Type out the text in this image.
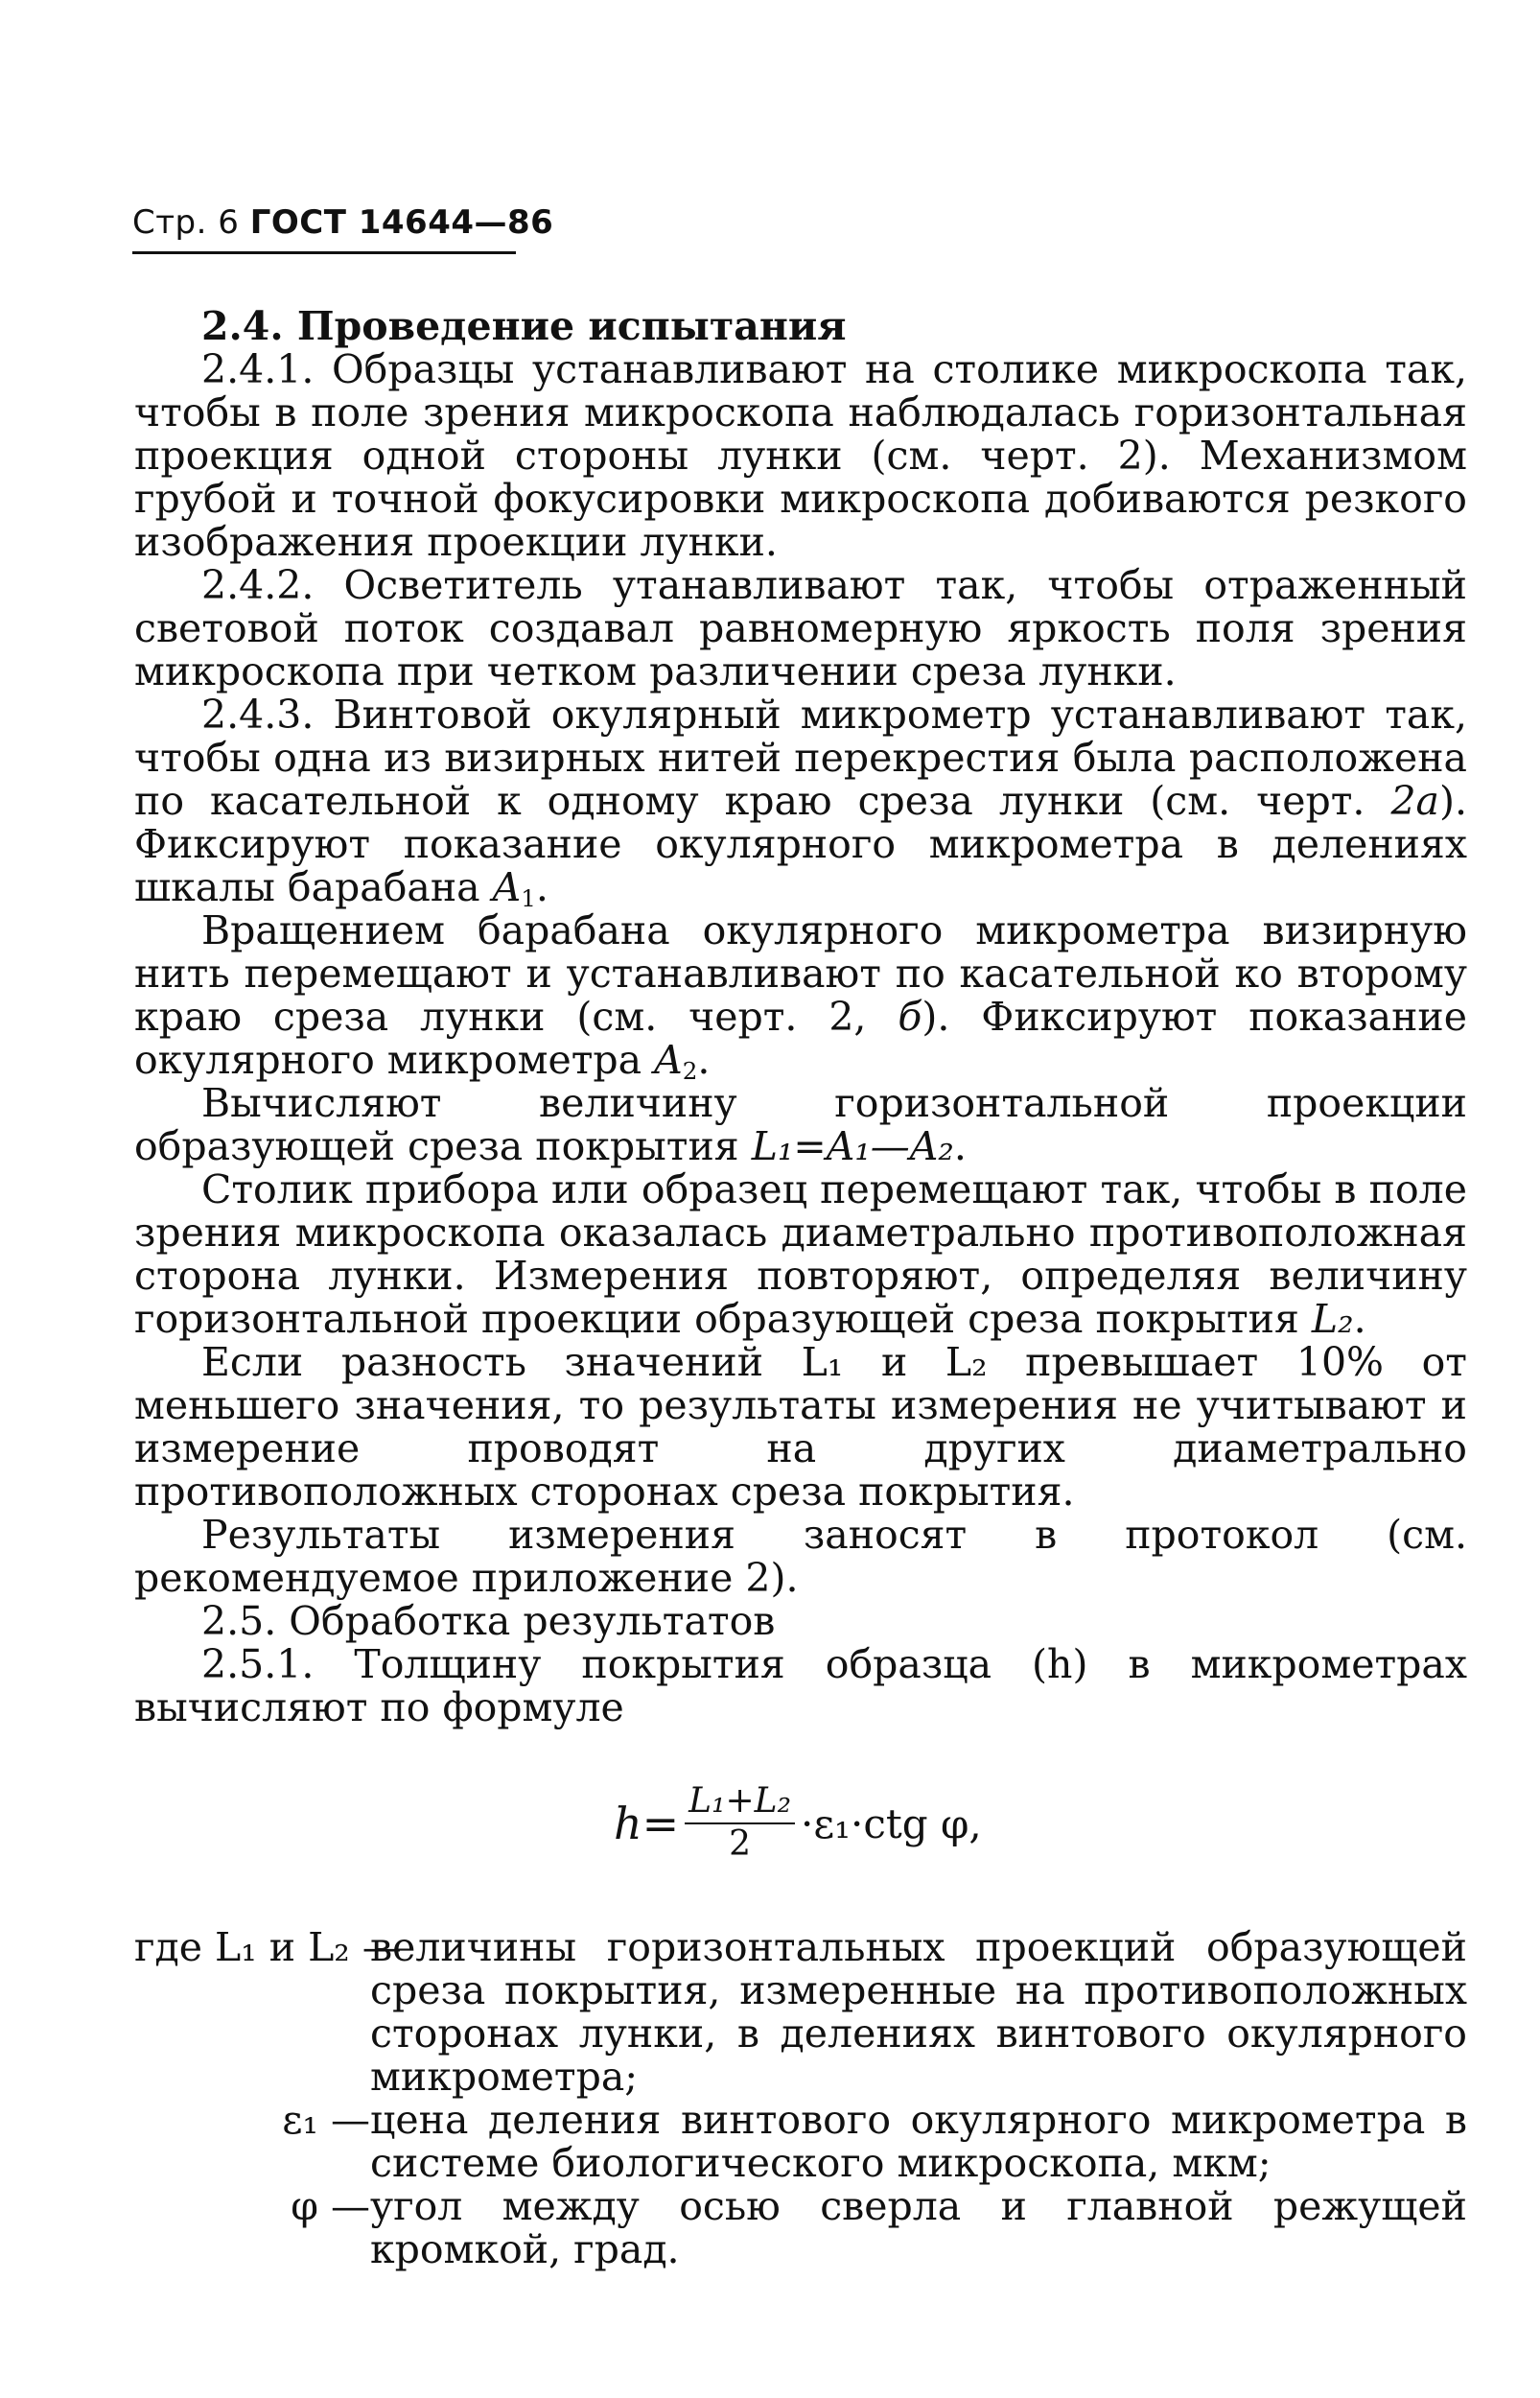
Стр. 6 ГОСТ 14644—86

2.4. Проведение испытания

2.4.1. Образцы устанавливают на столике микроскопа так, чтобы в поле зрения микроскопа наблюдалась горизонтальная проекция одной стороны лунки (см. черт. 2). Механизмом грубой и точной фокусировки микроскопа добиваются резкого изображения проекции лунки.

2.4.2. Осветитель утанавливают так, чтобы отраженный световой поток создавал равномерную яркость поля зрения микроскопа при четком различении среза лунки.

2.4.3. Винтовой окулярный микрометр устанавливают так, чтобы одна из визирных нитей перекрестия была расположена по касательной к одному краю среза лунки (см. черт. 2а). Фиксируют показание окулярного микрометра в делениях шкалы барабана $A_1$.

Вращением барабана окулярного микрометра визирную нить перемещают и устанавливают по касательной ко второму краю среза лунки (см. черт. 2, б). Фиксируют показание окулярного микрометра $A_2$.

Вычисляют величину горизонтальной проекции образующей среза покрытия L₁=A₁—A₂.

Столик прибора или образец перемещают так, чтобы в поле зрения микроскопа оказалась диаметрально противоположная сторона лунки. Измерения повторяют, определяя величину горизонтальной проекции образующей среза покрытия L₂.

Если разность значений L₁ и L₂ превышает 10% от меньшего значения, то результаты измерения не учитывают и измерение проводят на других диаметрально противоположных сторонах среза покрытия.

Результаты измерения заносят в протокол (см. рекомендуемое приложение 2).

2.5. Обработка результатов

2.5.1. Толщину покрытия образца (h) в микрометрах вычисляют по формуле

$h= \frac{\text{L₁+L₂}}{2} \cdot\varepsilon_1\cdot ctg$ φ,

где L₁ и L₂ —
величины горизонтальных проекций образующей среза покрытия, измеренные на противоположных сторонах лунки, в делениях винтового окулярного микрометра;

ε₁ — цена деления винтового окулярного микрометра в системе биологического микроскопа, мкм;

φ — угол между осью сверла и главной режущей кромкой, град.
